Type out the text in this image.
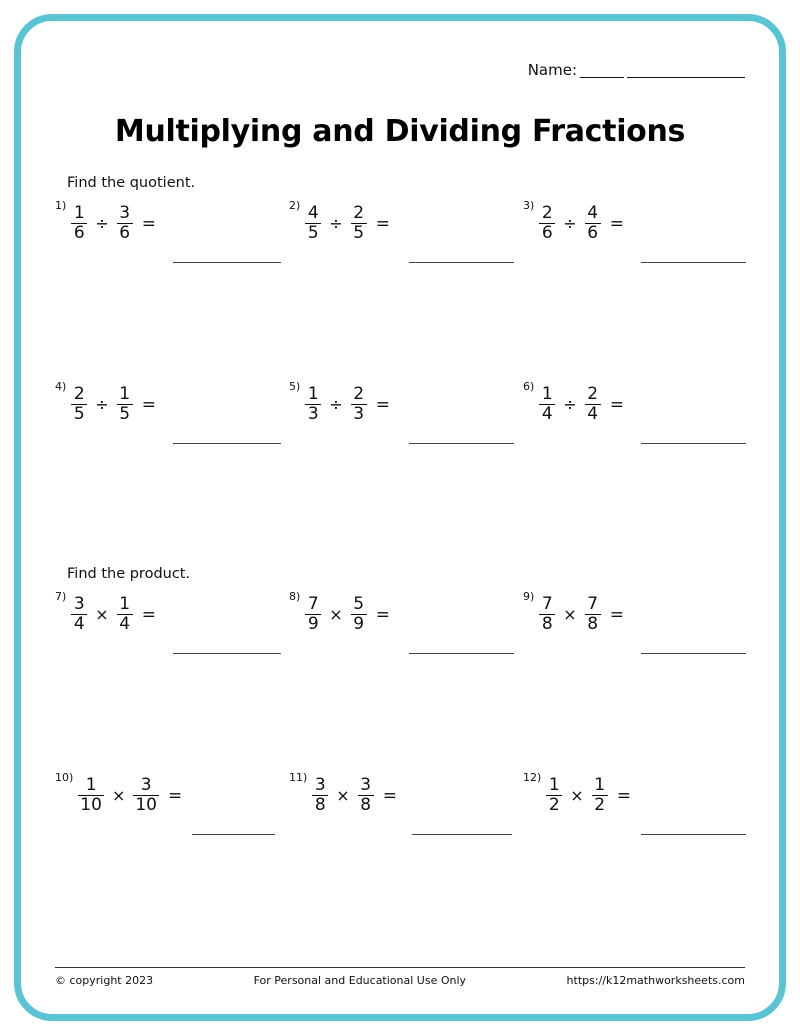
Name:
Multiplying and Dividing Fractions
Find the quotient.
Find the product.
$1) \frac{1}{6} \div \frac{3}{6}$ =
$2) \frac{4}{5} \div \frac{2}{5}$ =
$3) \frac{2}{6} \div \frac{4}{6}$ =
$4) \frac{2}{5} \div \frac{1}{5}$ =
$5) \frac{1}{3} \div \frac{2}{3}$ =
$6) \frac{1}{4} \div \frac{2}{4}$ =
$7) \frac{3}{4} \times \frac{1}{4}$ =
$8) \frac{7}{9} \times \frac{5}{9}$ =
$9) \frac{7}{8} \times \frac{7}{8}$ =
$10) \frac{1}{10} \times \frac{3}{10}$ =
$11) \frac{3}{8} \times \frac{3}{8}$ =
$12) \frac{1}{2} \times \frac{1}{2}$ =
© copyright 2023	For Personal and Educational Use Only	https://k12mathworksheets.com
